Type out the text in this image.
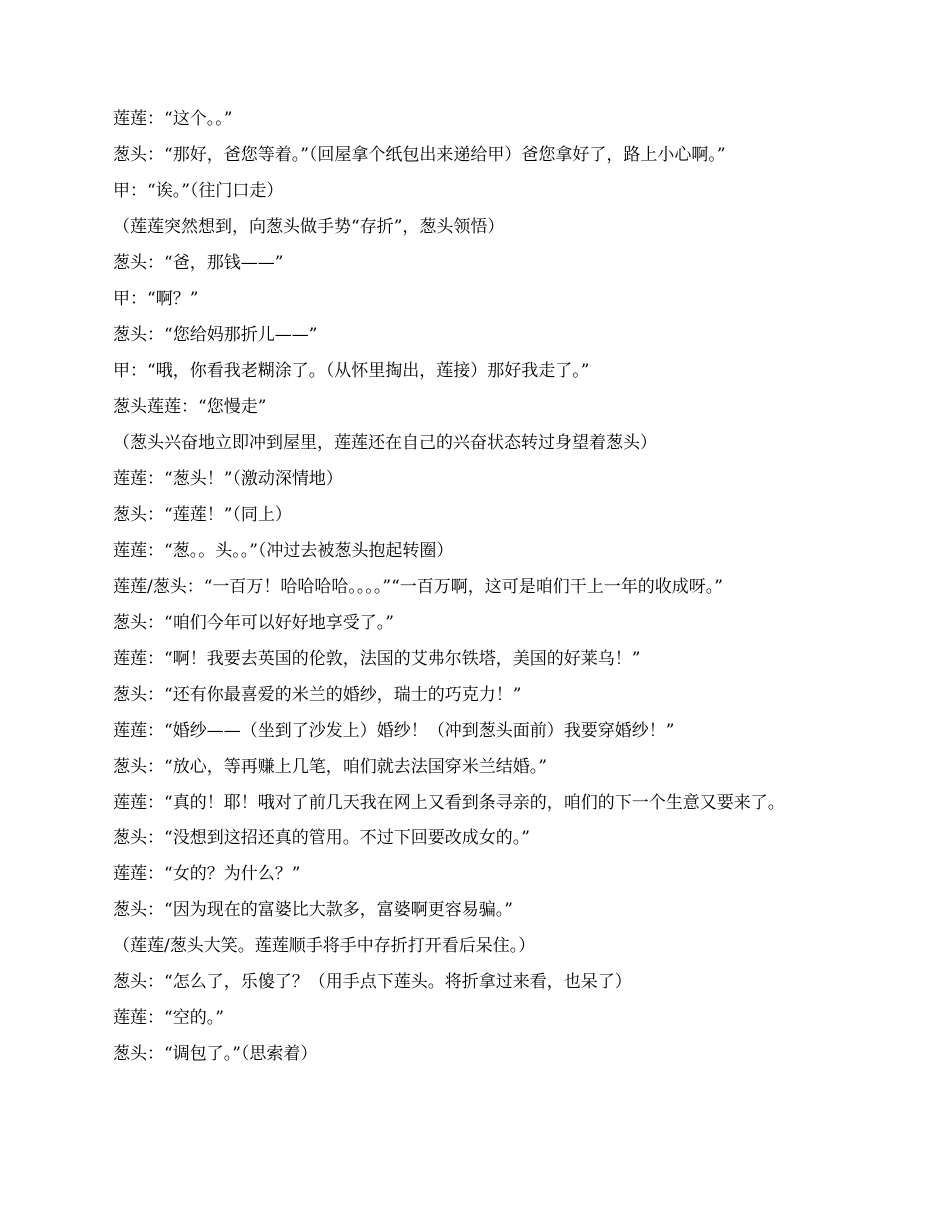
莲莲：“这个。。”
葱头：“那好，爸您等着。”（回屋拿个纸包出来递给甲）爸您拿好了，路上小心啊。”
甲：“诶。”（往门口走）
（莲莲突然想到，向葱头做手势“存折”，葱头领悟）
葱头：“爸，那钱——”
甲：“啊？”
葱头：“您给妈那折儿——”
甲：“哦，你看我老糊涂了。（从怀里掏出，莲接）那好我走了。”
葱头莲莲：“您慢走”
（葱头兴奋地立即冲到屋里，莲莲还在自己的兴奋状态转过身望着葱头）
莲莲：“葱头！”（激动深情地）
葱头：“莲莲！”（同上）
莲莲：“葱。。头。。”（冲过去被葱头抱起转圈）
莲莲/葱头：“一百万！哈哈哈哈。。。。”“一百万啊，这可是咱们干上一年的收成呀。”
葱头：“咱们今年可以好好地享受了。”
莲莲：“啊！我要去英国的伦敦，法国的艾弗尔铁塔，美国的好莱乌！”
葱头：“还有你最喜爱的米兰的婚纱，瑞士的巧克力！”
莲莲：“婚纱——（坐到了沙发上）婚纱！（冲到葱头面前）我要穿婚纱！”
葱头：“放心，等再赚上几笔，咱们就去法国穿米兰结婚。”
莲莲：“真的！耶！哦对了前几天我在网上又看到条寻亲的，咱们的下一个生意又要来了。
葱头：“没想到这招还真的管用。不过下回要改成女的。”
莲莲：“女的？为什么？”
葱头：“因为现在的富婆比大款多，富婆啊更容易骗。”
（莲莲/葱头大笑。莲莲顺手将手中存折打开看后呆住。）
葱头：“怎么了，乐傻了？（用手点下莲头。将折拿过来看，也呆了）
莲莲：“空的。”
葱头：“调包了。”（思索着）
